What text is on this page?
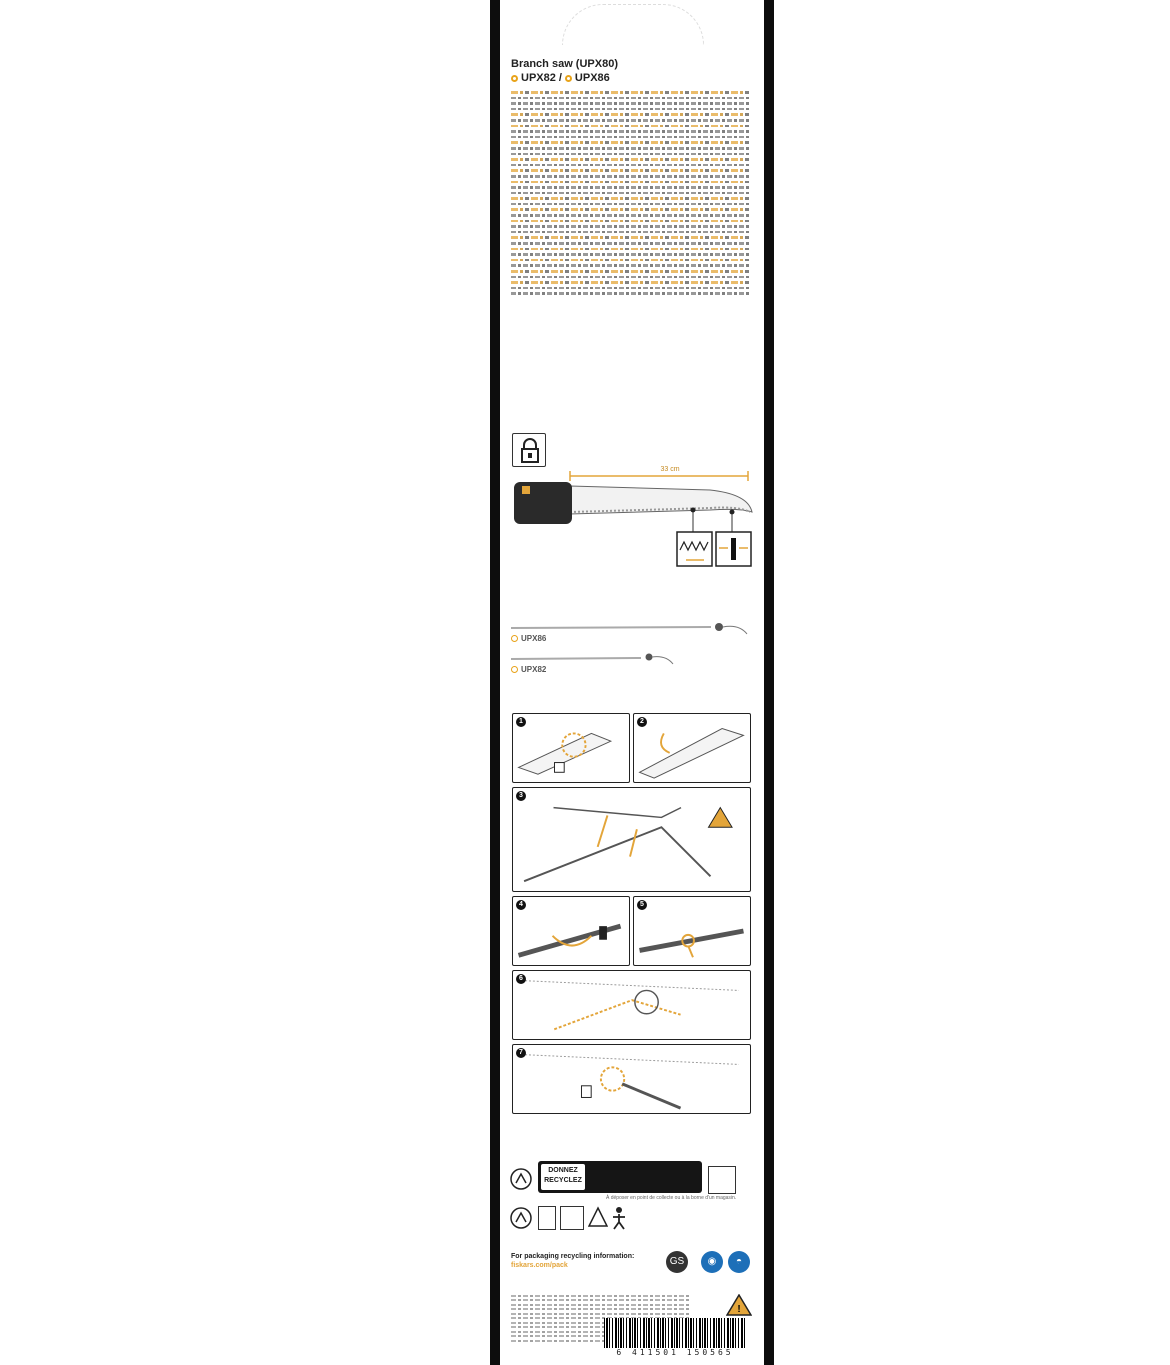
Branch saw (UPX80)
UPX82 / UPX86
33 cm
UPX86
UPX82
1	2
3
4	5
6
7
DONNEZ
RECYCLEZ
À déposer en point de collecte ou à la borne d'un magasin.
For packaging recycling information:
fiskars.com/pack	GS	◉	◓
!
6 411501 150565
